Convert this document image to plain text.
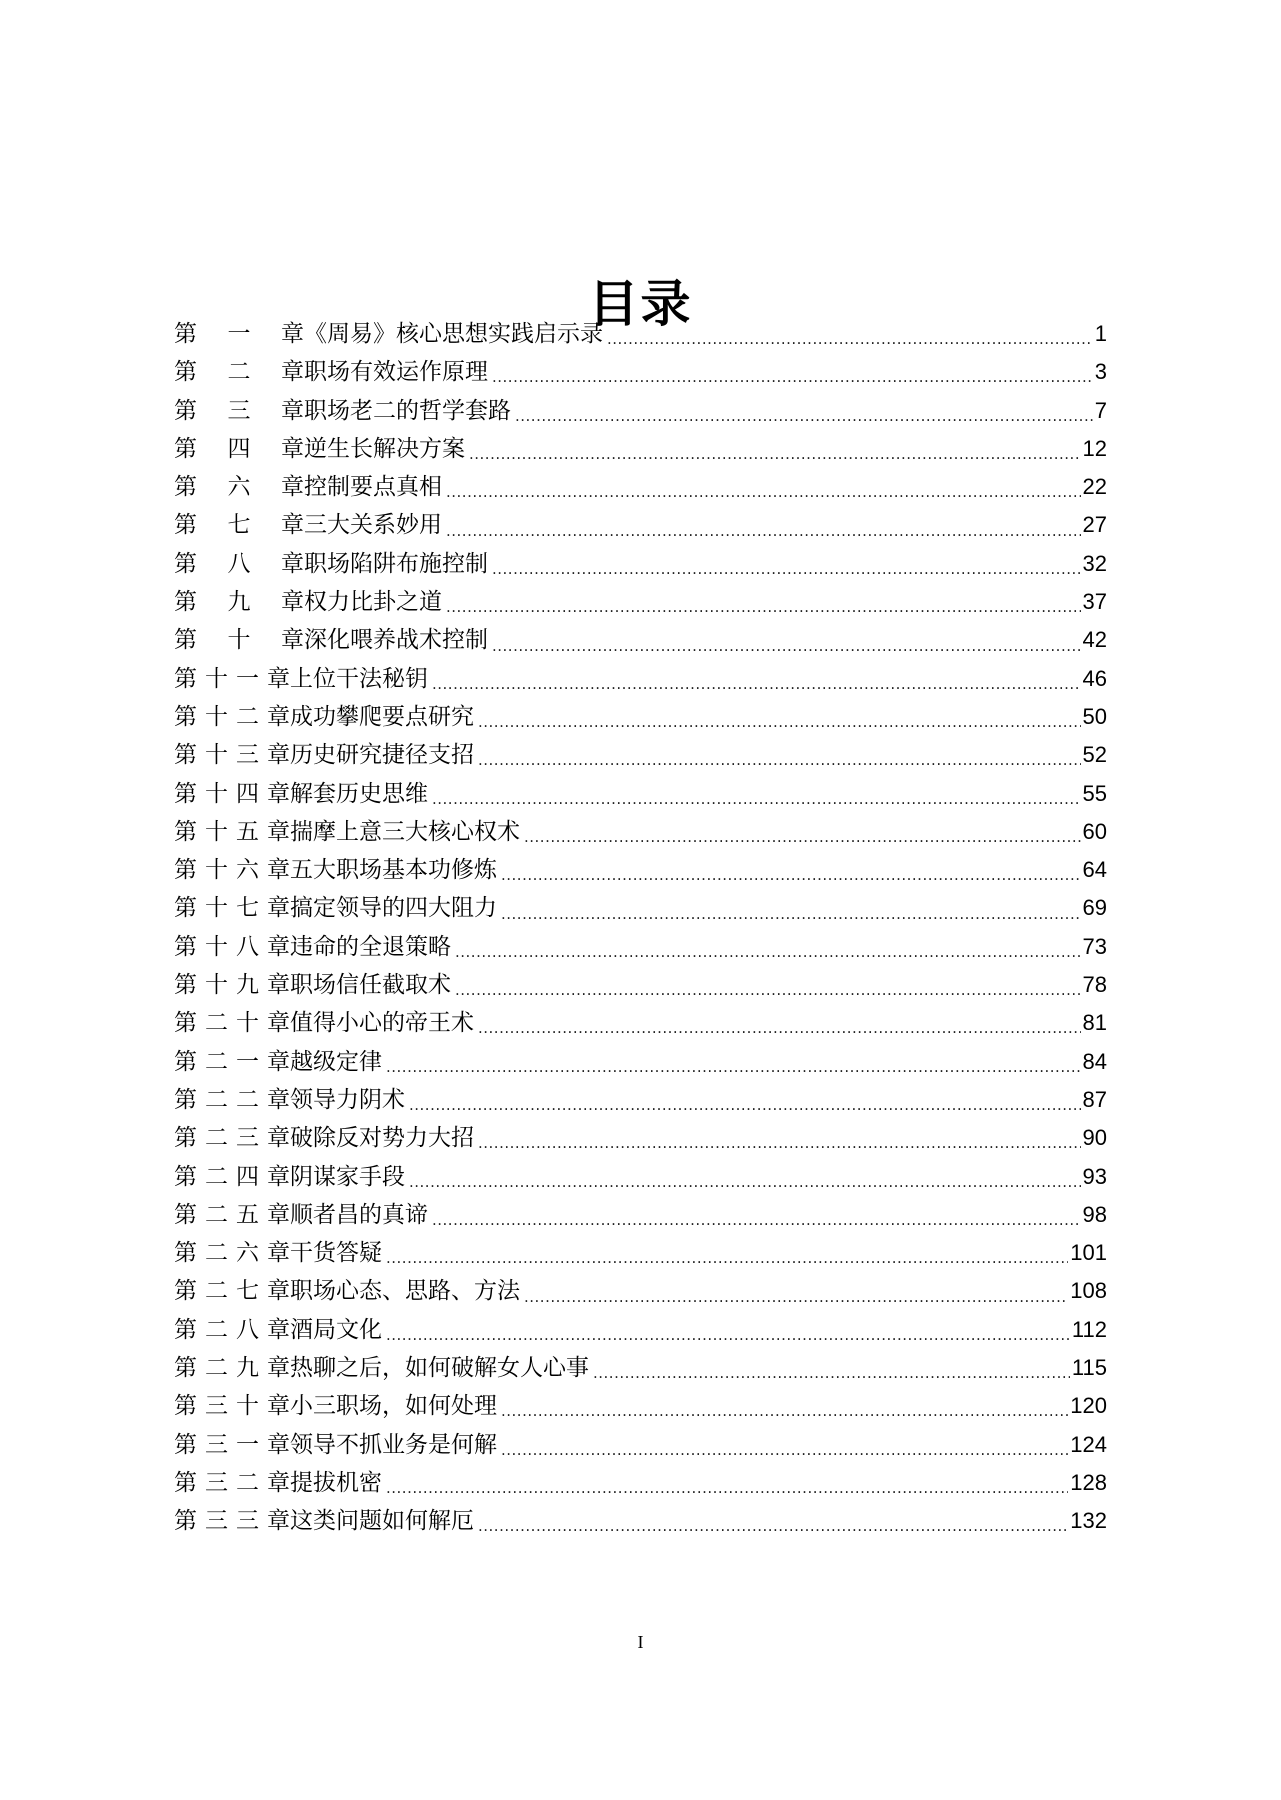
目录
第一章 《周易》核心思想实践启示录 .....	1
第二章 职场有效运作原理 .....	3
第三章 职场老二的哲学套路 .....	7
第四章 逆生长解决方案 .....	12
第六章 控制要点真相 .....	22
第七章 三大关系妙用 .....	27
第八章 职场陷阱布施控制 .....	32
第九章 权力比卦之道 .....	37
第十章 深化喂养战术控制 .....	42
第十一章 上位干法秘钥 .....	46
第十二章 成功攀爬要点研究 .....	50
第十三章 历史研究捷径支招 .....	52
第十四章 解套历史思维 .....	55
第十五章 揣摩上意三大核心权术 .....	60
第十六章 五大职场基本功修炼 .....	64
第十七章 搞定领导的四大阻力 .....	69
第十八章 违命的全退策略 .....	73
第十九章 职场信任截取术 .....	78
第二十章 值得小心的帝王术 .....	81
第二一章 越级定律 .....	84
第二二章 领导力阴术 .....	87
第二三章 破除反对势力大招 .....	90
第二四章 阴谋家手段 .....	93
第二五章 顺者昌的真谛 .....	98
第二六章 干货答疑 .....	101
第二七章 职场心态、思路、方法 .....	108
第二八章 酒局文化 .....	112
第二九章 热聊之后，如何破解女人心事 .....	115
第三十章 小三职场，如何处理 .....	120
第三一章 领导不抓业务是何解 .....	124
第三二章 提拔机密 .....	128
第三三章 这类问题如何解厄 .....	132
I
